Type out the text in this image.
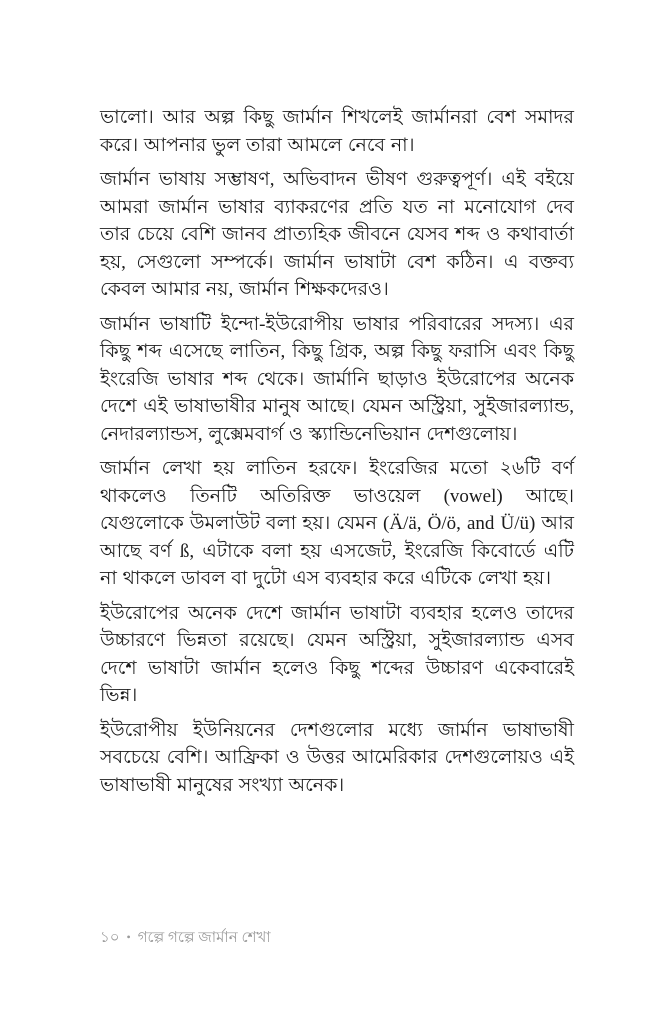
ভালো। আর অল্প কিছু জার্মান শিখলেই জার্মানরা বেশ সমাদর করে। আপনার ভুল তারা আমলে নেবে না।

জার্মান ভাষায় সম্ভাষণ, অভিবাদন ভীষণ গুরুত্বপূর্ণ। এই বইয়ে আমরা জার্মান ভাষার ব্যাকরণের প্রতি যত না মনোযোগ দেব তার চেয়ে বেশি জানব প্রাত্যহিক জীবনে যেসব শব্দ ও কথাবার্তা হয়, সেগুলো সম্পর্কে। জার্মান ভাষাটা বেশ কঠিন। এ বক্তব্য কেবল আমার নয়, জার্মান শিক্ষকদেরও।

জার্মান ভাষাটি ইন্দো-ইউরোপীয় ভাষার পরিবারের সদস্য। এর কিছু শব্দ এসেছে লাতিন, কিছু গ্রিক, অল্প কিছু ফরাসি এবং কিছু ইংরেজি ভাষার শব্দ থেকে। জার্মানি ছাড়াও ইউরোপের অনেক দেশে এই ভাষাভাষীর মানুষ আছে। যেমন অস্ট্রিয়া, সুইজারল্যান্ড, নেদারল্যান্ডস, লুক্সেমবার্গ ও স্ক্যান্ডিনেভিয়ান দেশগুলোয়।

জার্মান লেখা হয় লাতিন হরফে। ইংরেজির মতো ২৬টি বর্ণ থাকলেও তিনটি অতিরিক্ত ভাওয়েল (vowel) আছে। যেগুলোকে উমলাউট বলা হয়। যেমন (Ä/ä, Ö/ö, and Ü/ü) আর আছে বর্ণ ß, এটাকে বলা হয় এসজেট, ইংরেজি কিবোর্ডে এটি না থাকলে ডাবল বা দুটো এস ব্যবহার করে এটিকে লেখা হয়।

ইউরোপের অনেক দেশে জার্মান ভাষাটা ব্যবহার হলেও তাদের উচ্চারণে ভিন্নতা রয়েছে। যেমন অস্ট্রিয়া, সুইজারল্যান্ড এসব দেশে ভাষাটা জার্মান হলেও কিছু শব্দের উচ্চারণ একেবারেই ভিন্ন।

ইউরোপীয় ইউনিয়নের দেশগুলোর মধ্যে জার্মান ভাষাভাষী সবচেয়ে বেশি। আফ্রিকা ও উত্তর আমেরিকার দেশগুলোয়ও এই ভাষাভাষী মানুষের সংখ্যা অনেক।

১০ • গল্পে গল্পে জার্মান শেখা
